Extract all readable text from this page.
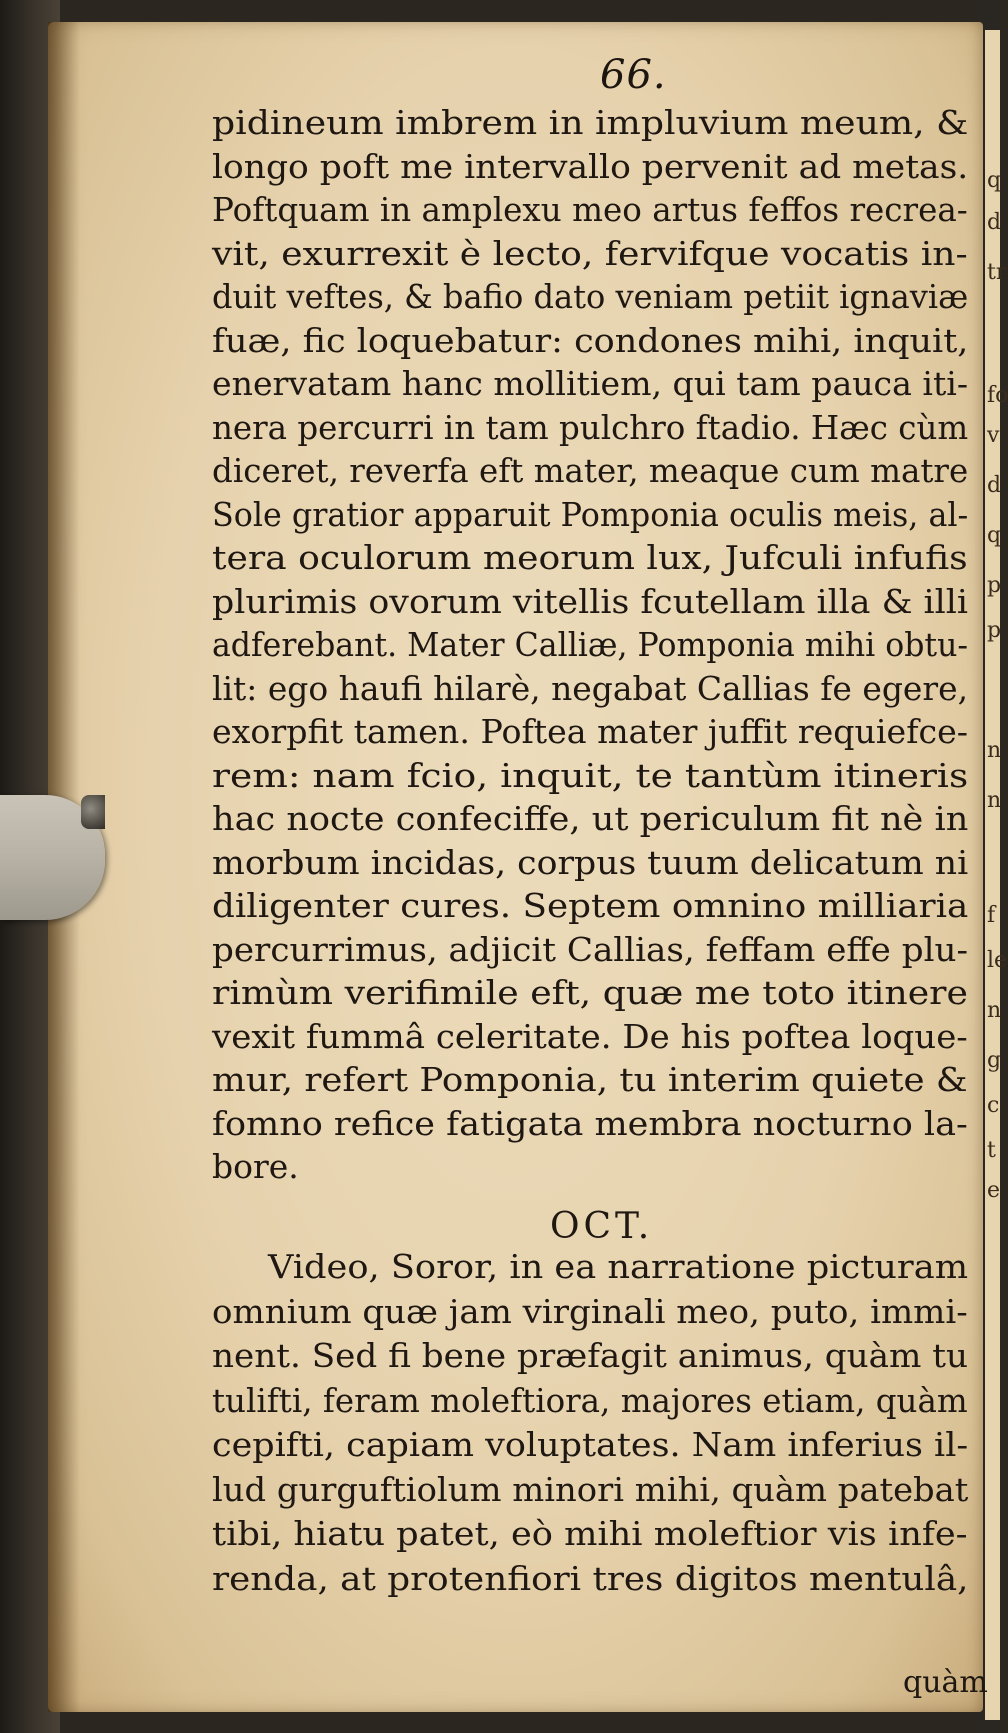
q
d
tr
fo
v
d
q
p
p
n
n
f
le
n
g
c
t
e
66.
pidineum imbrem in impluvium meum, &
longo poft me intervallo pervenit ad metas.
Poftquam in amplexu meo artus feffos recrea-
vit, exurrexit è lecto, fervifque vocatis in-
duit veftes, & bafio dato veniam petiit ignaviæ
fuæ, fic loquebatur: condones mihi, inquit,
enervatam hanc mollitiem, qui tam pauca iti-
nera percurri in tam pulchro ftadio. Hæc cùm
diceret, reverfa eft mater, meaque cum matre
Sole gratior apparuit Pomponia oculis meis, al-
tera oculorum meorum lux, Jufculi infufis
plurimis ovorum vitellis fcutellam illa & illi
adferebant. Mater Calliæ, Pomponia mihi obtu-
lit: ego haufi hilarè, negabat Callias fe egere,
exorpfit tamen. Poftea mater juffit requiefce-
rem: nam fcio, inquit, te tantùm itineris
hac nocte confeciffe, ut periculum fit nè in
morbum incidas, corpus tuum delicatum ni
diligenter cures. Septem omnino milliaria
percurrimus, adjicit Callias, feffam effe plu-
rimùm verifimile eft, quæ me toto itinere
vexit fummâ celeritate. De his poftea loque-
mur, refert Pomponia, tu interim quiete &
fomno refice fatigata membra nocturno la-
bore.
OCT.
Video, Soror, in ea narratione picturam
omnium quæ jam virginali meo, puto, immi-
nent. Sed fi bene præfagit animus, quàm tu
tulifti, feram moleftiora, majores etiam, quàm
cepifti, capiam voluptates. Nam inferius il-
lud gurguftiolum minori mihi, quàm patebat
tibi, hiatu patet, eò mihi moleftior vis infe-
renda, at protenfiori tres digitos mentulâ,
quàm
